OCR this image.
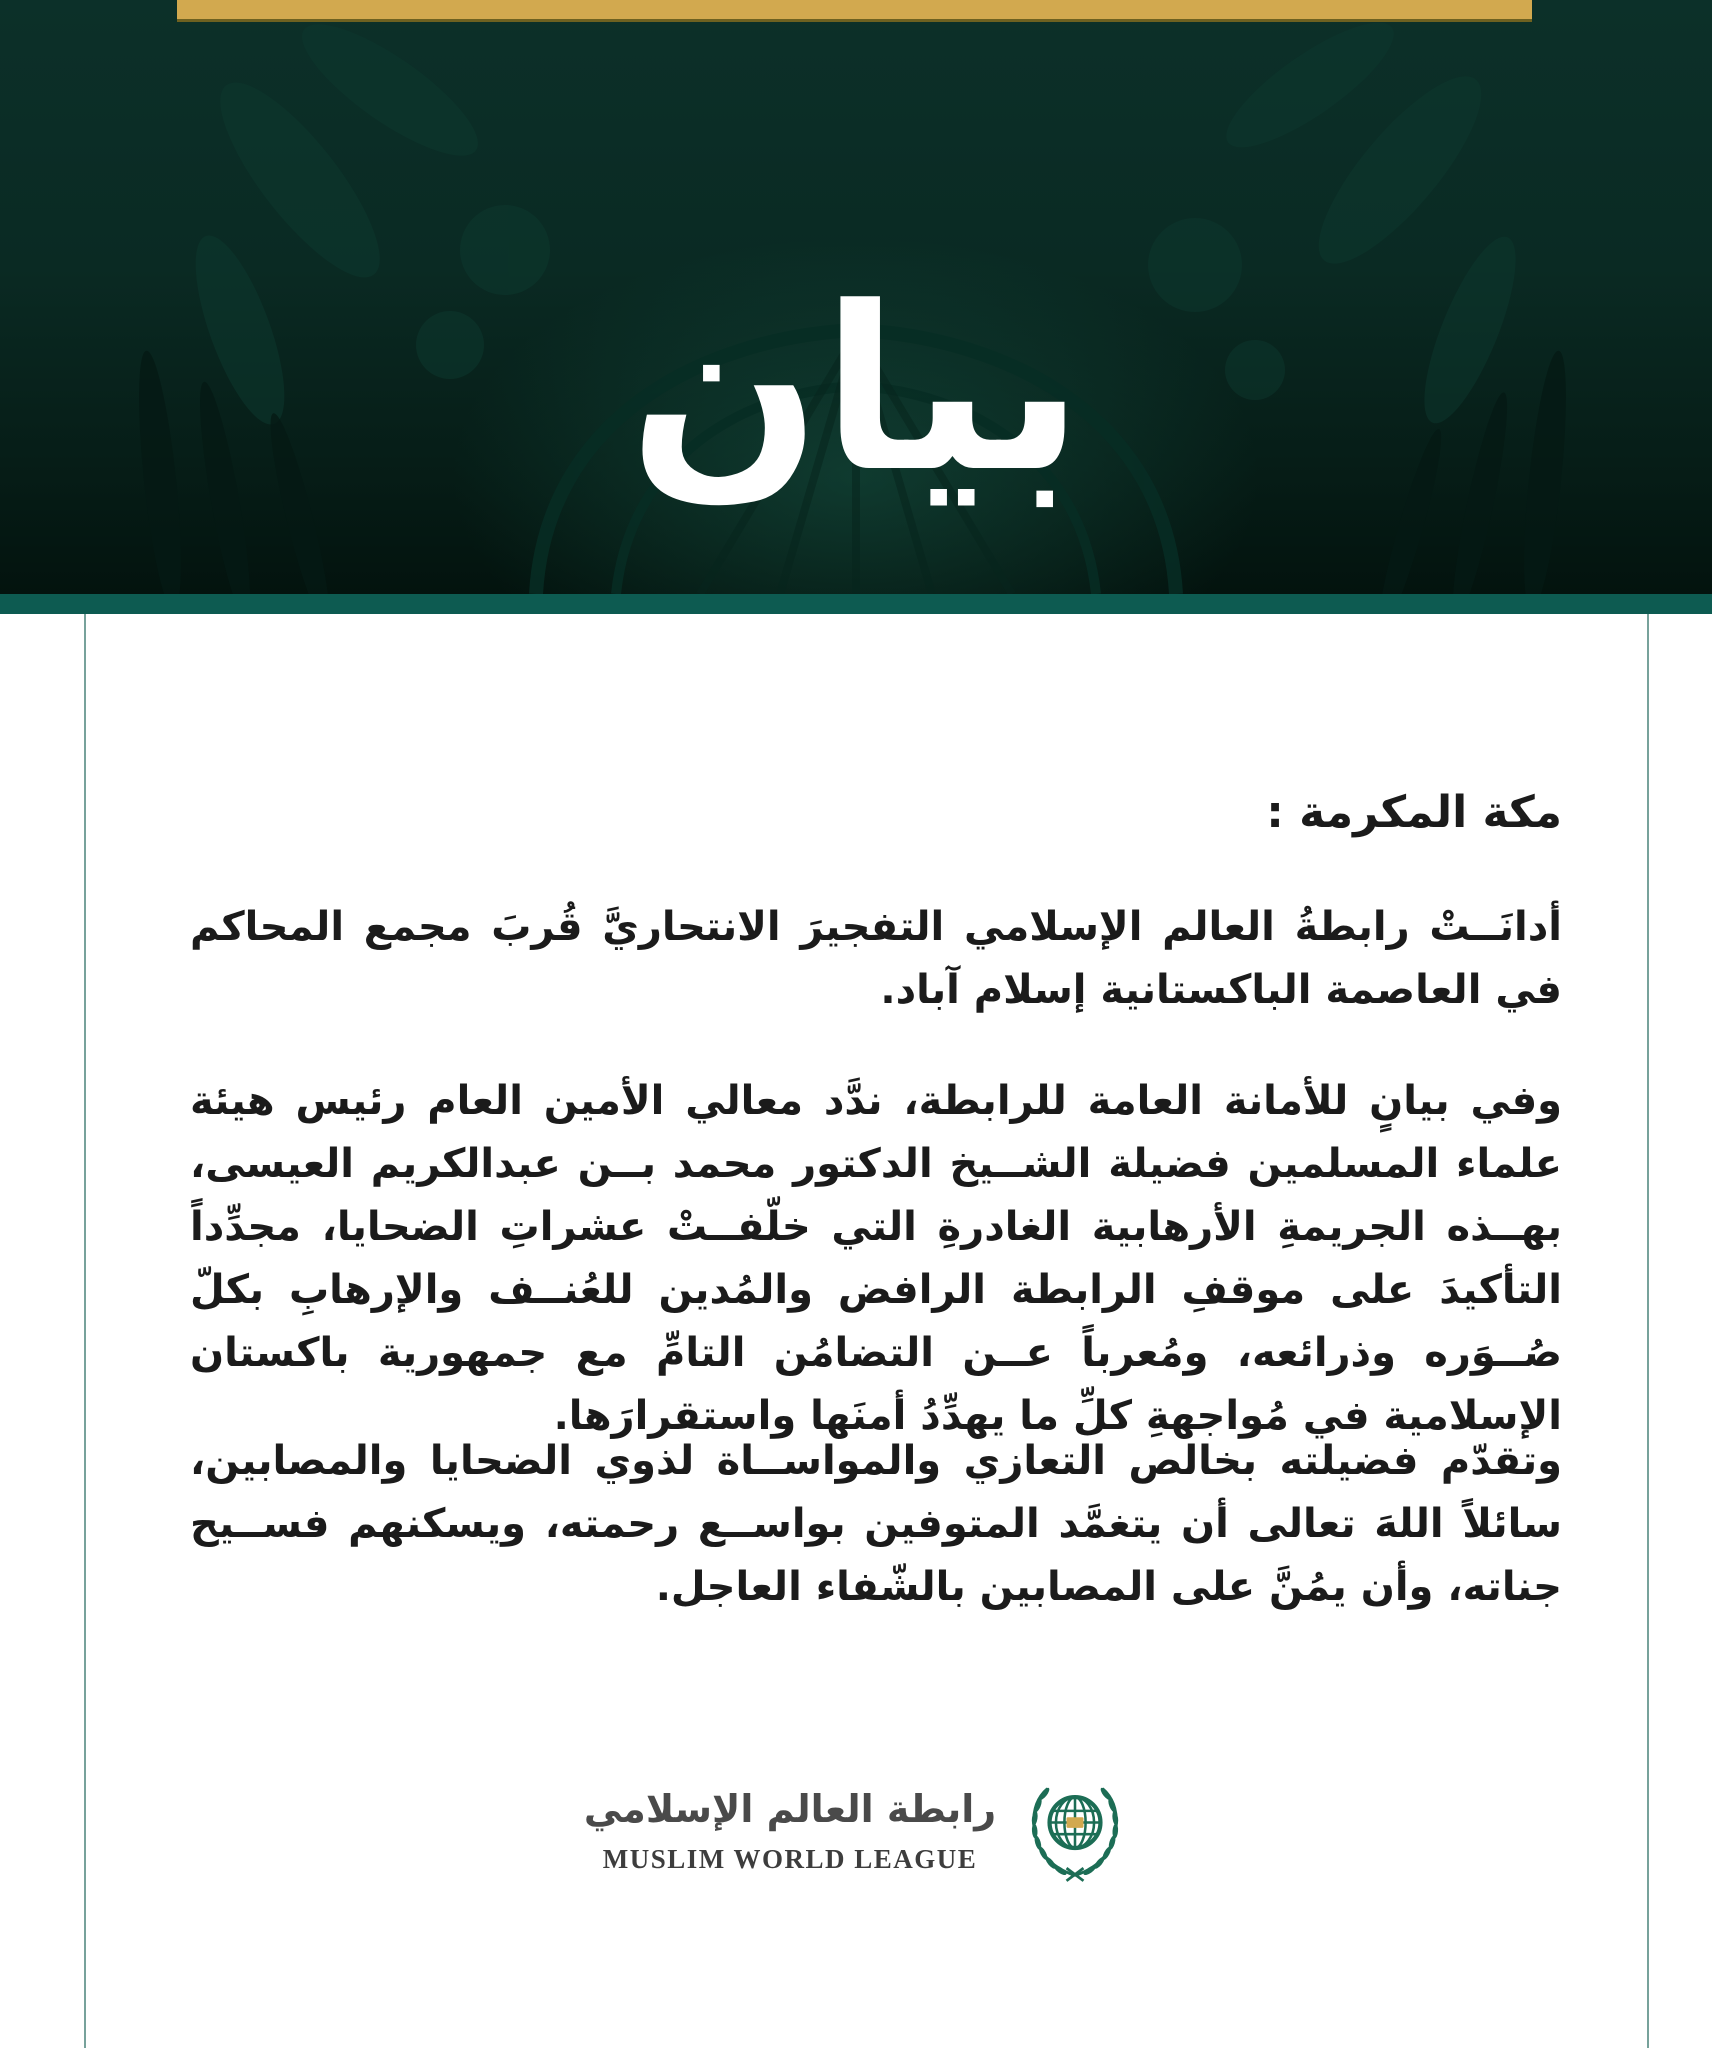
بيان
مكة المكرمة :

أدانَــتْ رابطةُ العالم الإسلامي التفجيرَ الانتحاريَّ قُربَ مجمع المحاكم في العاصمة الباكستانية إسلام آباد.

وفي بيانٍ للأمانة العامة للرابطة، ندَّد معالي الأمين العام رئيس هيئة علماء المسلمين فضيلة الشــيخ الدكتور محمد بــن عبدالكريم العيسى، بهــذه الجريمةِ الأرهابية الغادرةِ التي خلّفــتْ عشراتِ الضحايا، مجدِّداً التأكيدَ على موقفِ الرابطة الرافض والمُدين للعُنــف والإرهابِ بكلّ صُــوَره وذرائعه، ومُعرباً عــن التضامُن التامِّ مع جمهورية باكستان الإسلامية في مُواجهةِ كلِّ ما يهدِّدُ أمنَها واستقرارَها.

وتقدّم فضيلته بخالص التعازي والمواســاة لذوي الضحايا والمصابين، سائلاً اللهَ تعالى أن يتغمَّد المتوفين بواســع رحمته، ويسكنهم فســيح جناته، وأن يمُنَّ على المصابين بالشّفاء العاجل.

رابطة العالم الإسلامي
MUSLIM WORLD LEAGUE
